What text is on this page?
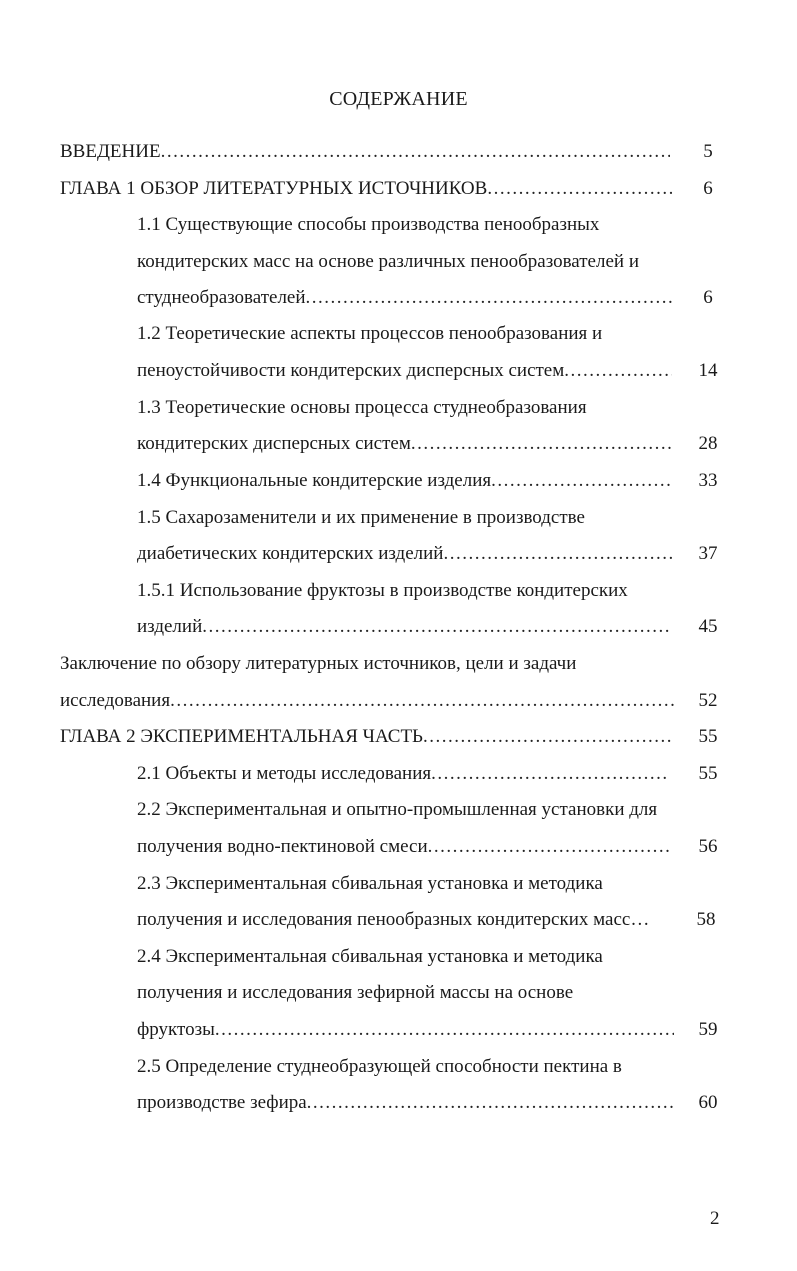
СОДЕРЖАНИЕ
ВВЕДЕНИЕ .....	5
ГЛАВА 1 ОБЗОР ЛИТЕРАТУРНЫХ ИСТОЧНИКОВ .....	6
1.1 Существующие способы производства пенообразных
кондитерских масс на основе различных пенообразователей и
студнеобразователей .....	6
1.2 Теоретические аспекты процессов пенообразования и
пеноустойчивости кондитерских дисперсных систем .....	14
1.3 Теоретические основы процесса студнеобразования
кондитерских дисперсных систем .....	28
1.4 Функциональные кондитерские изделия .....	33
1.5 Сахарозаменители и их применение в производстве
диабетических кондитерских изделий .....	37
1.5.1 Использование фруктозы в производстве кондитерских
изделий .....	45
Заключение по обзору литературных источников, цели и задачи
исследования .....	52
ГЛАВА 2 ЭКСПЕРИМЕНТАЛЬНАЯ ЧАСТЬ .....	55
2.1 Объекты и методы исследования .....	55
2.2 Экспериментальная и опытно-промышленная установки для
получения водно-пектиновой смеси .....	56
2.3 Экспериментальная сбивальная установка и методика
получения и исследования пенообразных кондитерских масс… 58
2.4 Экспериментальная сбивальная установка и методика
получения и исследования зефирной массы на основе
фруктозы .....	59
2.5 Определение студнеобразующей способности пектина в
производстве зефира .....	60
2
